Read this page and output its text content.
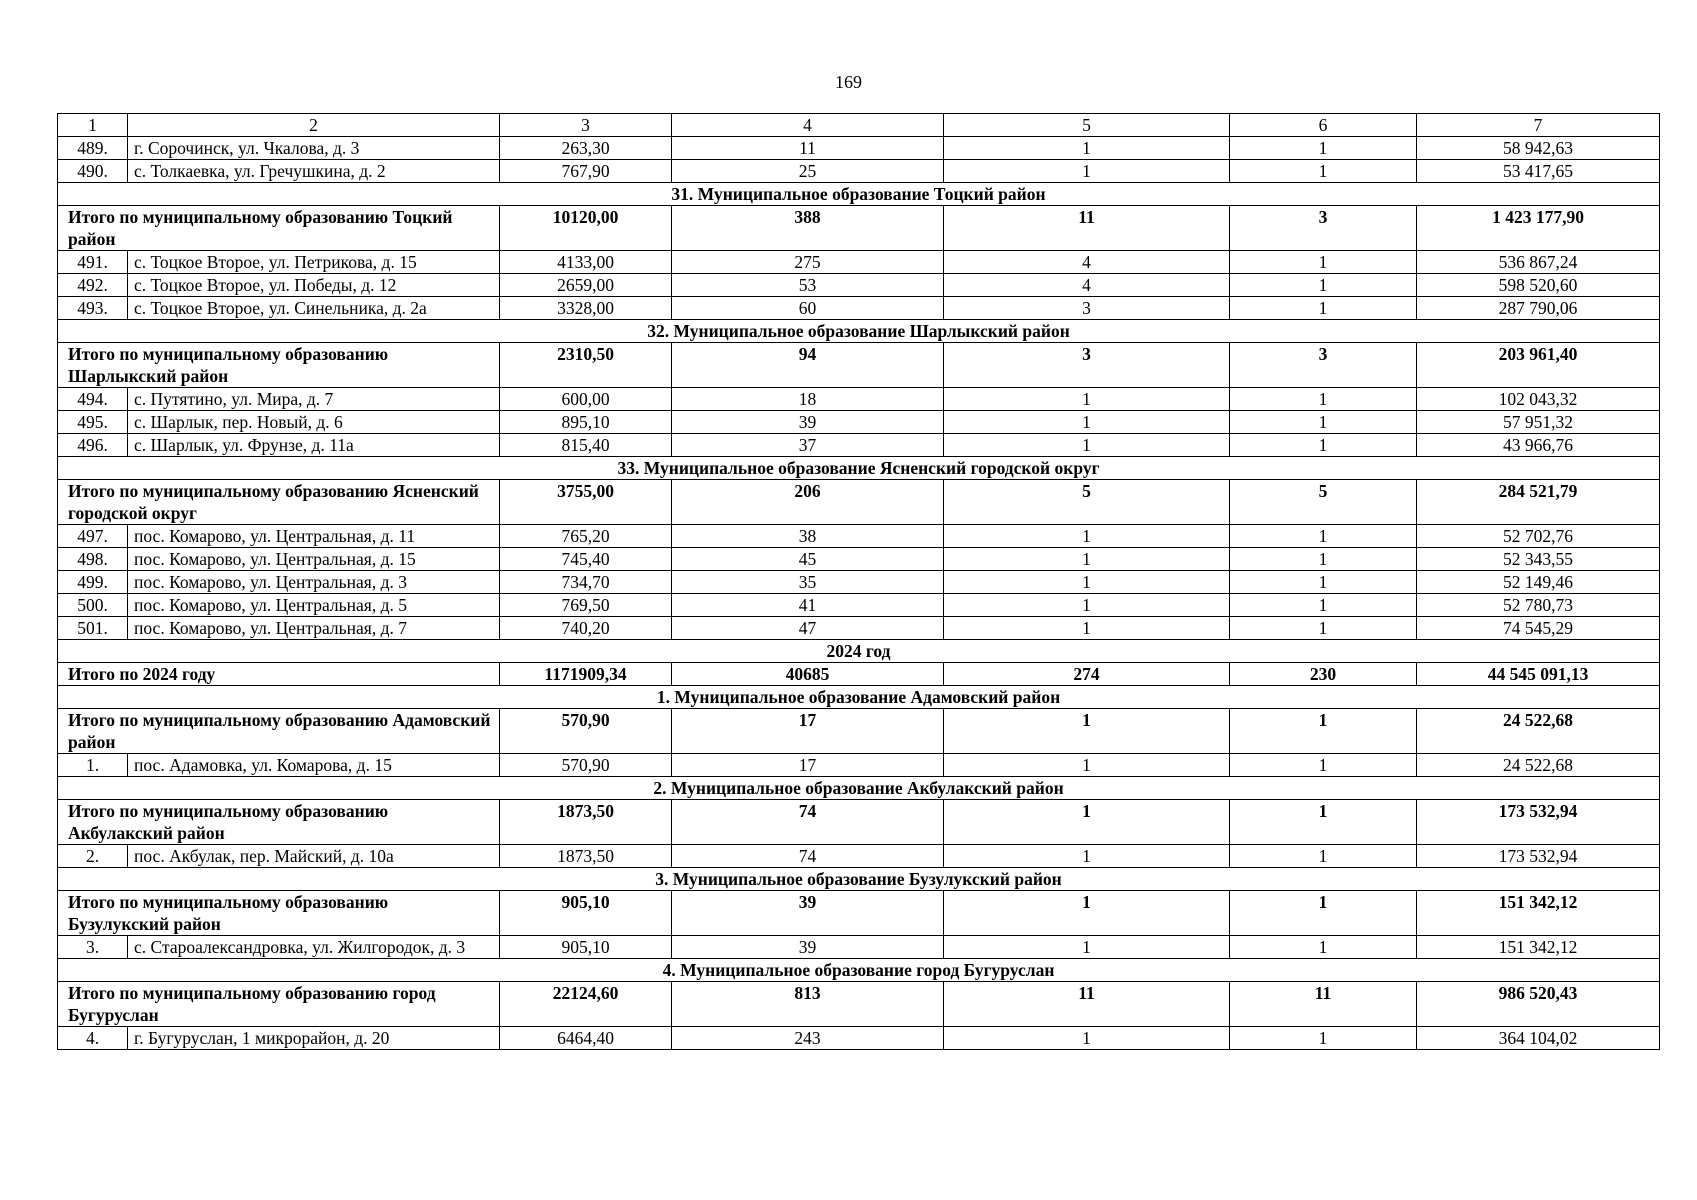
169
1	2	3	4	5	6	7
489.	г. Сорочинск, ул. Чкалова, д. 3	263,30	11	1	1	58 942,63
490.	с. Толкаевка, ул. Гречушкина, д. 2	767,90	25	1	1	53 417,65
31. Муниципальное образование Тоцкий район						
Итого по муниципальному образованию Тоцкий район		10120,00	388	11	3	1 423 177,90
491.	с. Тоцкое Второе, ул. Петрикова, д. 15	4133,00	275	4	1	536 867,24
492.	с. Тоцкое Второе, ул. Победы, д. 12	2659,00	53	4	1	598 520,60
493.	с. Тоцкое Второе, ул. Синельника, д. 2а	3328,00	60	3	1	287 790,06
32. Муниципальное образование Шарлыкский район						
Итого по муниципальному образованию Шарлыкский район		2310,50	94	3	3	203 961,40
494.	с. Путятино, ул. Мира, д. 7	600,00	18	1	1	102 043,32
495.	с. Шарлык, пер. Новый, д. 6	895,10	39	1	1	57 951,32
496.	с. Шарлык, ул. Фрунзе, д. 11а	815,40	37	1	1	43 966,76
33. Муниципальное образование Ясненский городской округ						
Итого по муниципальному образованию Ясненский городской округ		3755,00	206	5	5	284 521,79
497.	пос. Комарово, ул. Центральная, д. 11	765,20	38	1	1	52 702,76
498.	пос. Комарово, ул. Центральная, д. 15	745,40	45	1	1	52 343,55
499.	пос. Комарово, ул. Центральная, д. 3	734,70	35	1	1	52 149,46
500.	пос. Комарово, ул. Центральная, д. 5	769,50	41	1	1	52 780,73
501.	пос. Комарово, ул. Центральная, д. 7	740,20	47	1	1	74 545,29
2024 год						
Итого по 2024 году		1171909,34	40685	274	230	44 545 091,13
1. Муниципальное образование Адамовский район						
Итого по муниципальному образованию Адамовский район		570,90	17	1	1	24 522,68
1.	пос. Адамовка, ул. Комарова, д. 15	570,90	17	1	1	24 522,68
2. Муниципальное образование Акбулакский район						
Итого по муниципальному образованию Акбулакский район		1873,50	74	1	1	173 532,94
2.	пос. Акбулак, пер. Майский, д. 10а	1873,50	74	1	1	173 532,94
3. Муниципальное образование Бузулукский район						
Итого по муниципальному образованию Бузулукский район		905,10	39	1	1	151 342,12
3.	с. Староалександровка, ул. Жилгородок, д. 3	905,10	39	1	1	151 342,12
4. Муниципальное образование город Бугуруслан						
Итого по муниципальному образованию город Бугуруслан		22124,60	813	11	11	986 520,43
4.	г. Бугуруслан, 1 микрорайон, д. 20	6464,40	243	1	1	364 104,02
